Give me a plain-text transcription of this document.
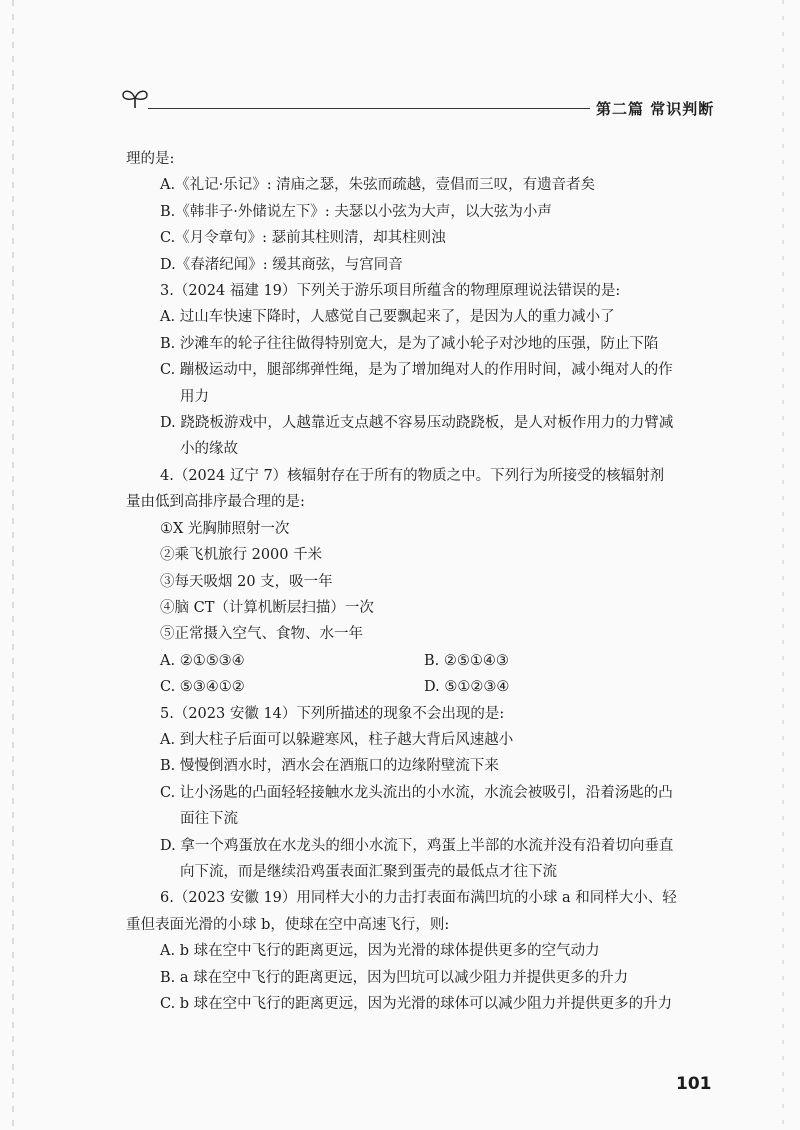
第二篇 常识判断
理的是:
A.《礼记·乐记》: 清庙之瑟，朱弦而疏越，壹倡而三叹，有遗音者矣
B.《韩非子·外储说左下》: 夫瑟以小弦为大声，以大弦为小声
C.《月令章句》: 瑟前其柱则清，却其柱则浊
D.《春渚纪闻》: 缓其商弦，与宫同音
3.（2024 福建 19）下列关于游乐项目所蕴含的物理原理说法错误的是:
A. 过山车快速下降时，人感觉自己要飘起来了，是因为人的重力减小了
B. 沙滩车的轮子往往做得特别宽大，是为了减小轮子对沙地的压强，防止下陷
C. 蹦极运动中，腿部绑弹性绳，是为了增加绳对人的作用时间，减小绳对人的作
用力
D. 跷跷板游戏中，人越靠近支点越不容易压动跷跷板，是人对板作用力的力臂减
小的缘故
4.（2024 辽宁 7）核辐射存在于所有的物质之中。下列行为所接受的核辐射剂
量由低到高排序最合理的是:
①X 光胸肺照射一次
②乘飞机旅行 2000 千米
③每天吸烟 20 支，吸一年
④脑 CT（计算机断层扫描）一次
⑤正常摄入空气、食物、水一年
A. ②①⑤③④	B. ②⑤①④③
C. ⑤③④①②	D. ⑤①②③④
5.（2023 安徽 14）下列所描述的现象不会出现的是:
A. 到大柱子后面可以躲避寒风，柱子越大背后风速越小
B. 慢慢倒酒水时，酒水会在酒瓶口的边缘附壁流下来
C. 让小汤匙的凸面轻轻接触水龙头流出的小水流，水流会被吸引，沿着汤匙的凸
面往下流
D. 拿一个鸡蛋放在水龙头的细小水流下，鸡蛋上半部的水流并没有沿着切向垂直
向下流，而是继续沿鸡蛋表面汇聚到蛋壳的最低点才往下流
6.（2023 安徽 19）用同样大小的力击打表面布满凹坑的小球 a 和同样大小、轻
重但表面光滑的小球 b，使球在空中高速飞行，则:
A. b 球在空中飞行的距离更远，因为光滑的球体提供更多的空气动力
B. a 球在空中飞行的距离更远，因为凹坑可以减少阻力并提供更多的升力
C. b 球在空中飞行的距离更远，因为光滑的球体可以减少阻力并提供更多的升力
101
